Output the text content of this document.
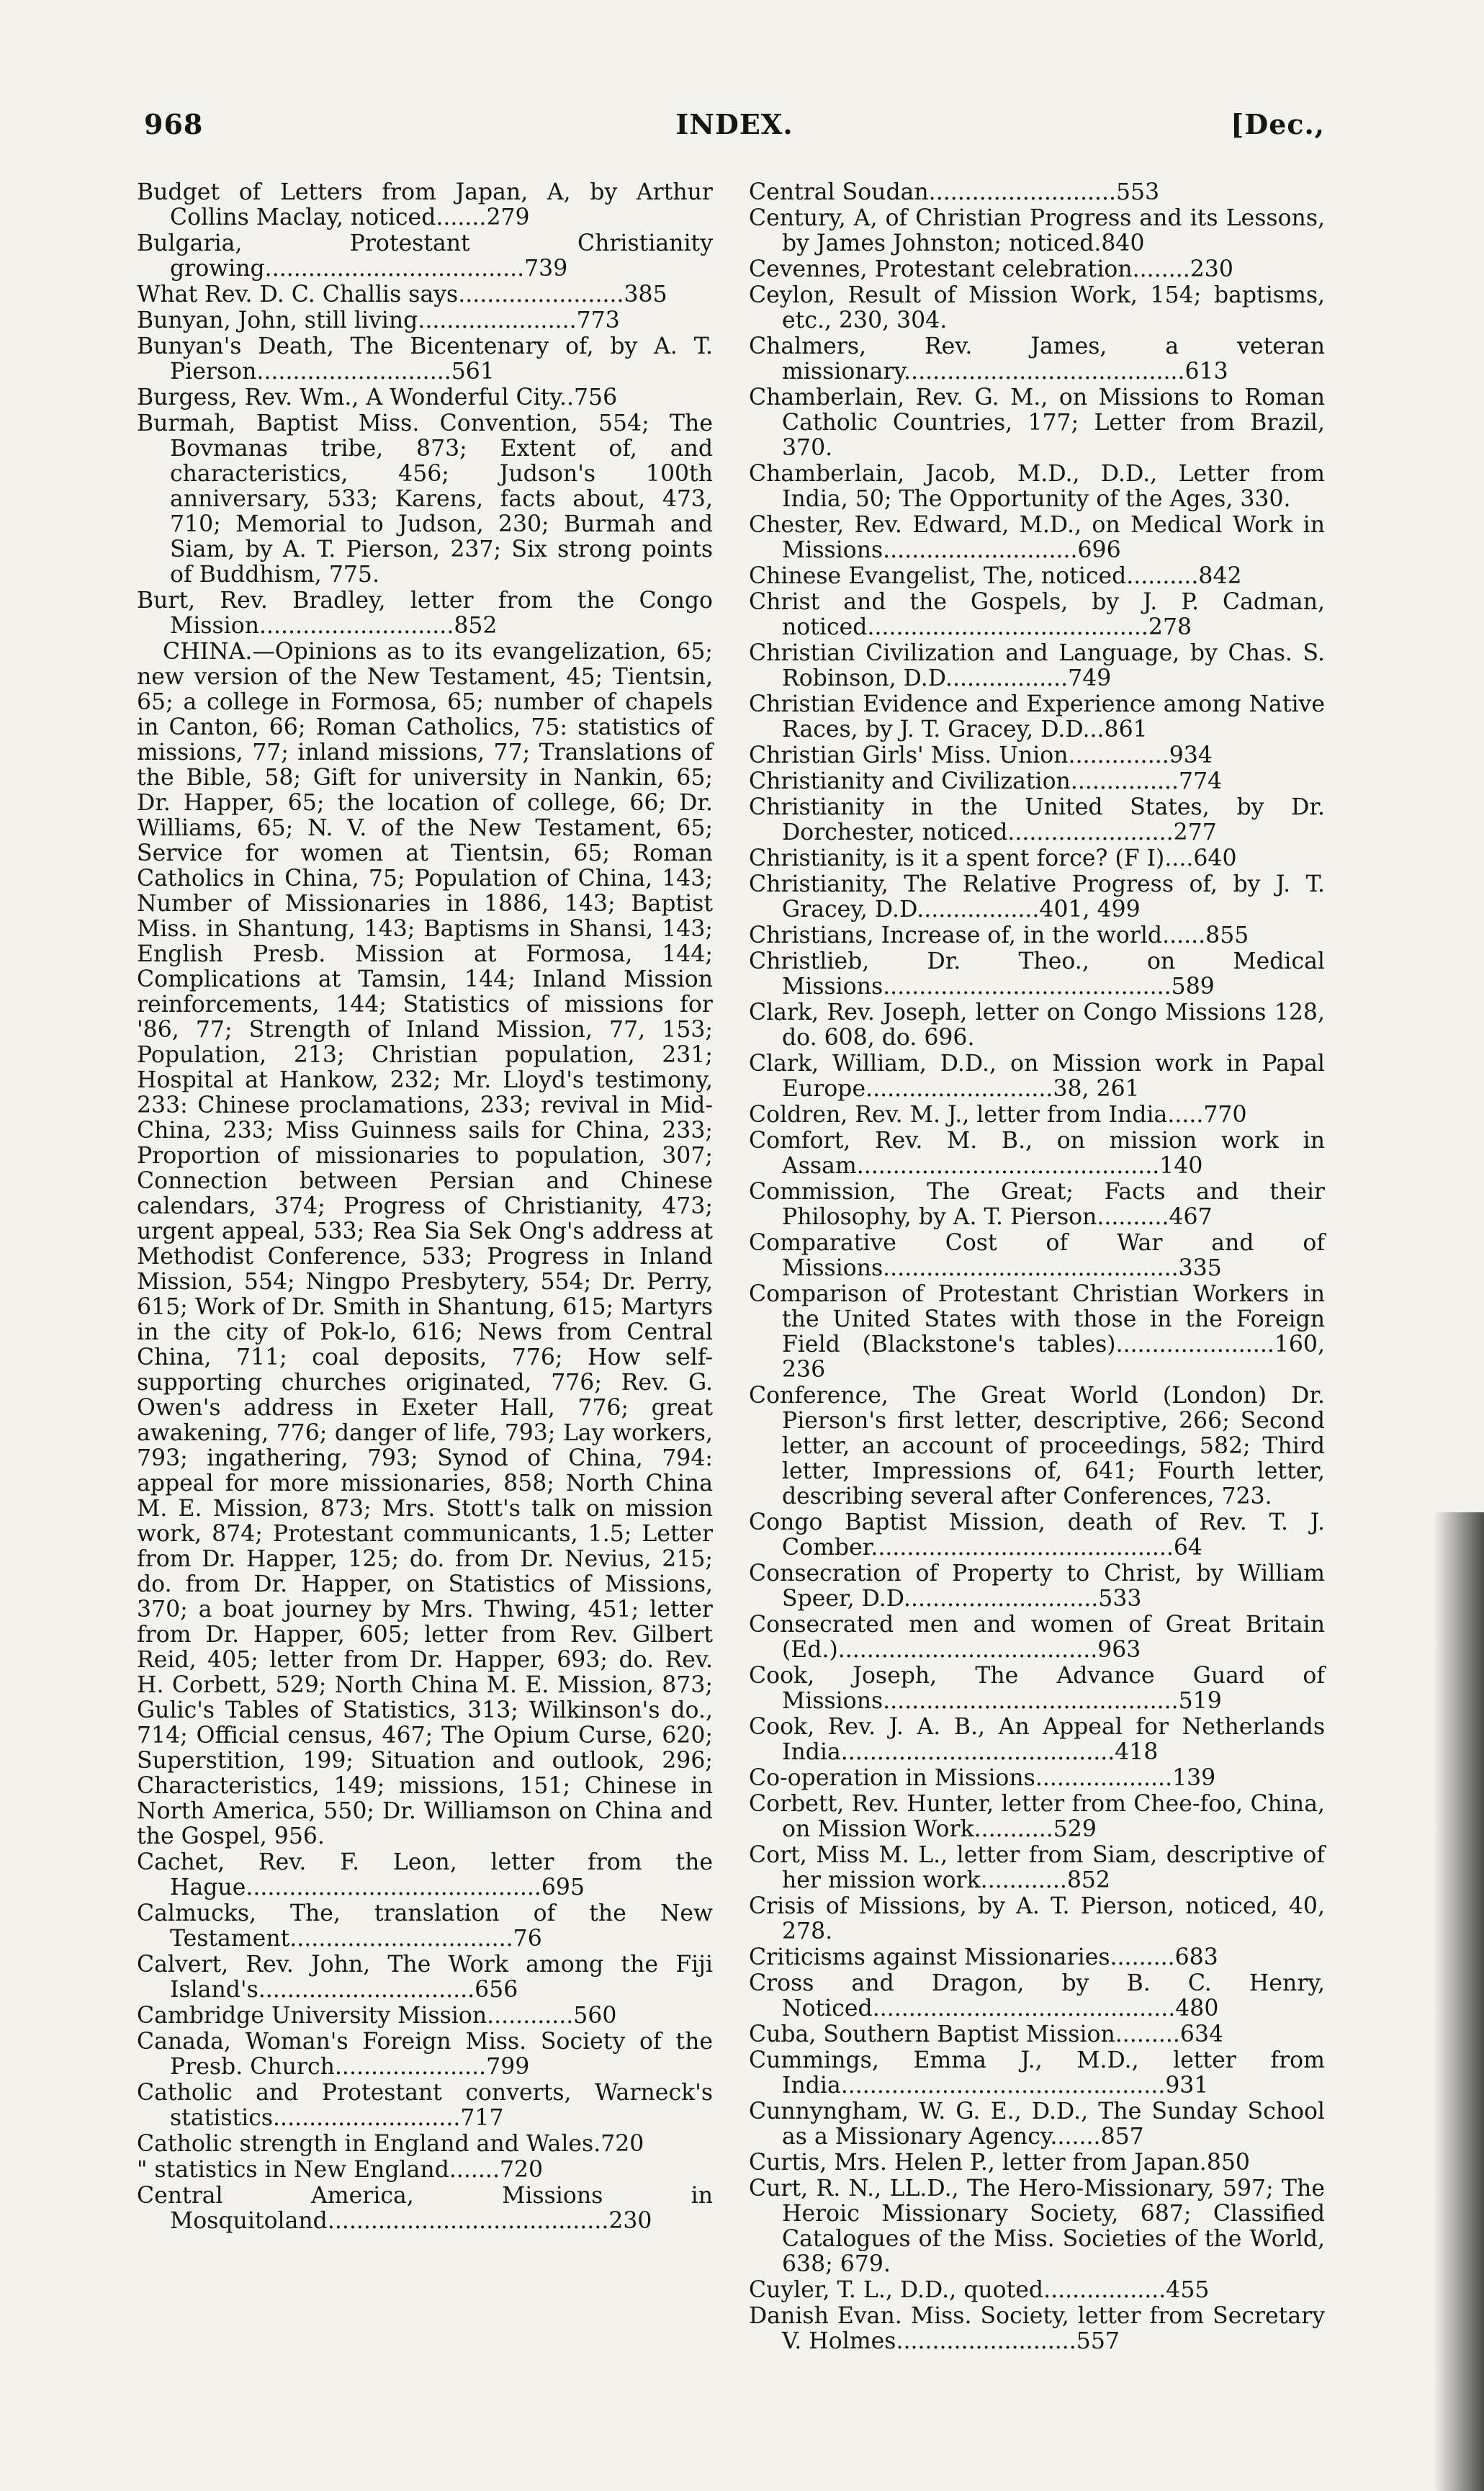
968	INDEX.	[Dec.,

Budget of Letters from Japan, A, by Arthur Collins Maclay, noticed.......279

Bulgaria, Protestant Christianity growing....................................739

What Rev. D. C. Challis says.......................385

Bunyan, John, still living......................773

Bunyan's Death, The Bicentenary of, by A. T. Pierson...........................561

Burgess, Rev. Wm., A Wonderful City..756

Burmah, Baptist Miss. Convention, 554; The Bovmanas tribe, 873; Extent of, and characteristics, 456; Judson's 100th anniversary, 533; Karens, facts about, 473, 710; Memorial to Judson, 230; Burmah and Siam, by A. T. Pierson, 237; Six strong points of Buddhism, 775.

Burt, Rev. Bradley, letter from the Congo Mission...........................852

CHINA.—Opinions as to its evangelization, 65; new version of the New Testament, 45; Tientsin, 65; a college in Formosa, 65; number of chapels in Canton, 66; Roman Catholics, 75: statistics of missions, 77; inland missions, 77; Translations of the Bible, 58; Gift for university in Nankin, 65; Dr. Happer, 65; the location of college, 66; Dr. Williams, 65; N. V. of the New Testament, 65; Service for women at Tientsin, 65; Roman Catholics in China, 75; Population of China, 143; Number of Missionaries in 1886, 143; Baptist Miss. in Shantung, 143; Baptisms in Shansi, 143; English Presb. Mission at Formosa, 144; Complications at Tamsin, 144; Inland Mission reinforcements, 144; Statistics of missions for '86, 77; Strength of Inland Mission, 77, 153; Population, 213; Christian population, 231; Hospital at Hankow, 232; Mr. Lloyd's testimony, 233: Chinese proclamations, 233; revival in Mid-China, 233; Miss Guinness sails for China, 233; Proportion of missionaries to population, 307; Connection between Persian and Chinese calendars, 374; Progress of Christianity, 473; urgent appeal, 533; Rea Sia Sek Ong's address at Methodist Conference, 533; Progress in Inland Mission, 554; Ningpo Presbytery, 554; Dr. Perry, 615; Work of Dr. Smith in Shantung, 615; Martyrs in the city of Pok-lo, 616; News from Central China, 711; coal deposits, 776; How self-supporting churches originated, 776; Rev. G. Owen's address in Exeter Hall, 776; great awakening, 776; danger of life, 793; Lay workers, 793; ingathering, 793; Synod of China, 794: appeal for more missionaries, 858; North China M. E. Mission, 873; Mrs. Stott's talk on mission work, 874; Protestant communicants, 1.5; Letter from Dr. Happer, 125; do. from Dr. Nevius, 215; do. from Dr. Happer, on Statistics of Missions, 370; a boat journey by Mrs. Thwing, 451; letter from Dr. Happer, 605; letter from Rev. Gilbert Reid, 405; letter from Dr. Happer, 693; do. Rev. H. Corbett, 529; North China M. E. Mission, 873; Gulic's Tables of Statistics, 313; Wilkinson's do., 714; Official census, 467; The Opium Curse, 620; Superstition, 199; Situation and outlook, 296; Characteristics, 149; missions, 151; Chinese in North America, 550; Dr. Williamson on China and the Gospel, 956.

Cachet, Rev. F. Leon, letter from the Hague.........................................695

Calmucks, The, translation of the New Testament...............................76

Calvert, Rev. John, The Work among the Fiji Island's..............................656

Cambridge University Mission............560

Canada, Woman's Foreign Miss. Society of the Presb. Church.....................799

Catholic and Protestant converts, Warneck's statistics..........................717

Catholic strength in England and Wales.720

" statistics in New England.......720

Central America, Missions in Mosquitoland.......................................230

Central Soudan..........................553

Century, A, of Christian Progress and its Lessons, by James Johnston; noticed.840

Cevennes, Protestant celebration........230

Ceylon, Result of Mission Work, 154; baptisms, etc., 230, 304.

Chalmers, Rev. James, a veteran missionary.......................................613

Chamberlain, Rev. G. M., on Missions to Roman Catholic Countries, 177; Letter from Brazil, 370.

Chamberlain, Jacob, M.D., D.D., Letter from India, 50; The Opportunity of the Ages, 330.

Chester, Rev. Edward, M.D., on Medical Work in Missions...........................696

Chinese Evangelist, The, noticed..........842

Christ and the Gospels, by J. P. Cadman, noticed.......................................278

Christian Civilization and Language, by Chas. S. Robinson, D.D.................749

Christian Evidence and Experience among Native Races, by J. T. Gracey, D.D...861

Christian Girls' Miss. Union..............934

Christianity and Civilization...............774

Christianity in the United States, by Dr. Dorchester, noticed.......................277

Christianity, is it a spent force? (F I)....640

Christianity, The Relative Progress of, by J. T. Gracey, D.D.................401, 499

Christians, Increase of, in the world......855

Christlieb, Dr. Theo., on Medical Missions........................................589

Clark, Rev. Joseph, letter on Congo Missions 128, do. 608, do. 696.

Clark, William, D.D., on Mission work in Papal Europe..........................38, 261

Coldren, Rev. M. J., letter from India.....770

Comfort, Rev. M. B., on mission work in Assam..........................................140

Commission, The Great; Facts and their Philosophy, by A. T. Pierson..........467

Comparative Cost of War and of Missions.........................................335

Comparison of Protestant Christian Workers in the United States with those in the Foreign Field (Blackstone's tables)......................160, 236

Conference, The Great World (London) Dr. Pierson's first letter, descriptive, 266; Second letter, an account of proceedings, 582; Third letter, Impressions of, 641; Fourth letter, describing several after Conferences, 723.

Congo Baptist Mission, death of Rev. T. J. Comber..........................................64

Consecration of Property to Christ, by William Speer, D.D...........................533

Consecrated men and women of Great Britain (Ed.)....................................963

Cook, Joseph, The Advance Guard of Missions.........................................519

Cook, Rev. J. A. B., An Appeal for Netherlands India......................................418

Co-operation in Missions...................139

Corbett, Rev. Hunter, letter from Chee-foo, China, on Mission Work...........529

Cort, Miss M. L., letter from Siam, descriptive of her mission work............852

Crisis of Missions, by A. T. Pierson, noticed, 40, 278.

Criticisms against Missionaries.........683

Cross and Dragon, by B. C. Henry, Noticed..........................................480

Cuba, Southern Baptist Mission.........634

Cummings, Emma J., M.D., letter from India.............................................931

Cunnyngham, W. G. E., D.D., The Sunday School as a Missionary Agency.......857

Curtis, Mrs. Helen P., letter from Japan.850

Curt, R. N., LL.D., The Hero-Missionary, 597; The Heroic Missionary Society, 687; Classified Catalogues of the Miss. Societies of the World, 638; 679.

Cuyler, T. L., D.D., quoted.................455

Danish Evan. Miss. Society, letter from Secretary V. Holmes.........................557
